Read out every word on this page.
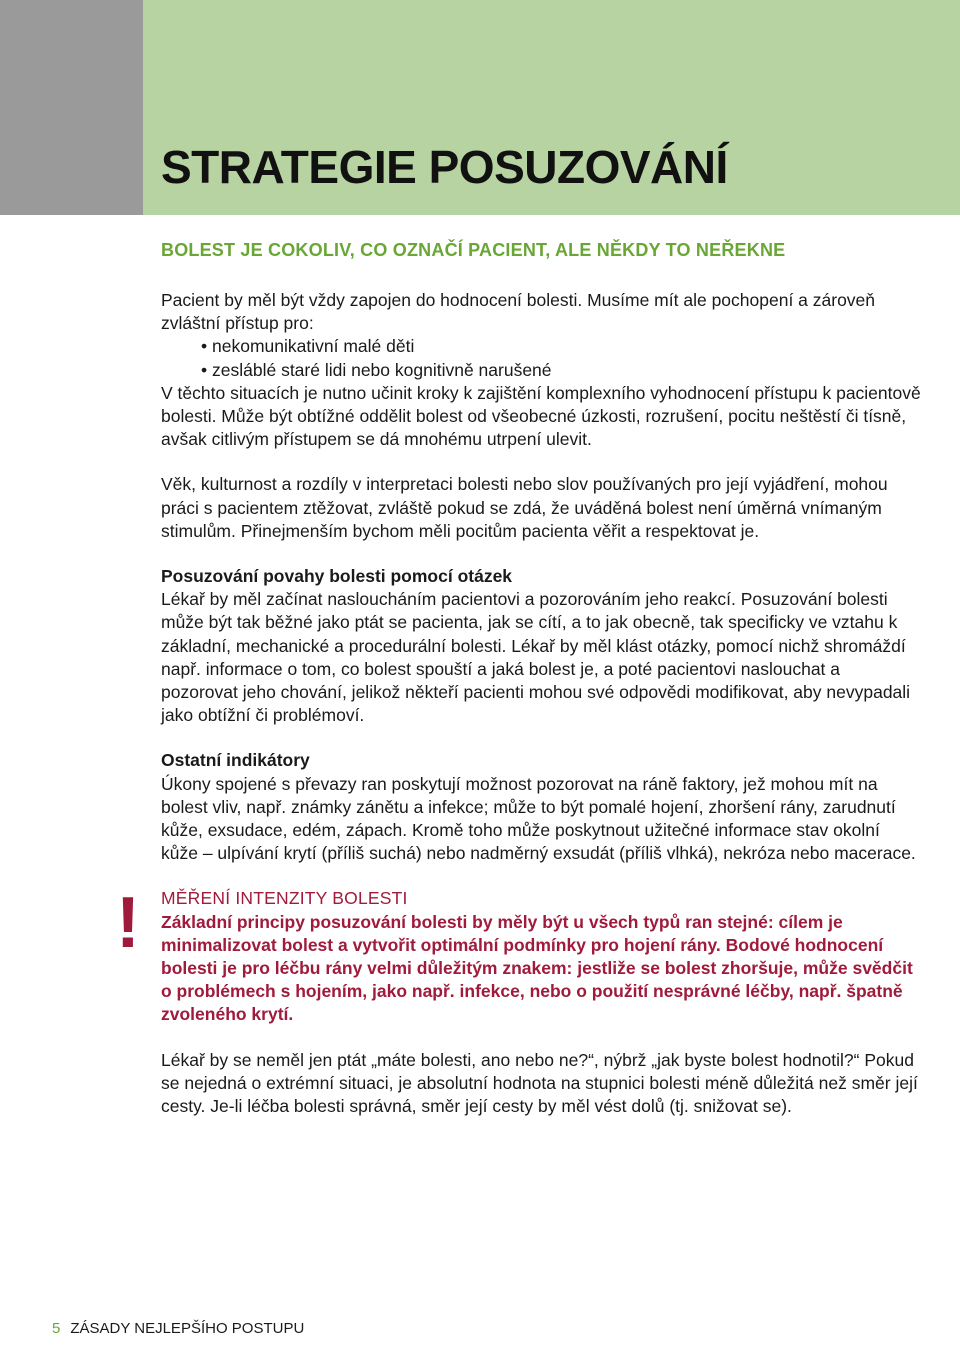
STRATEGIE POSUZOVÁNÍ
BOLEST JE COKOLIV, CO OZNAČÍ PACIENT, ALE NĚKDY TO NEŘEKNE

Pacient by měl být vždy zapojen do hodnocení bolesti. Musíme mít ale pochopení a zároveň zvláštní přístup pro:

• nekomunikativní malé děti
• zesláblé staré lidi nebo kognitivně narušené

V těchto situacích je nutno učinit kroky k zajištění komplexního vyhodnocení přístupu k pacientově bolesti. Může být obtížné oddělit bolest od všeobecné úzkosti, rozrušení, pocitu neštěstí či tísně, avšak citlivým přístupem se dá mnohému utrpení ulevit.

Věk, kulturnost a rozdíly v interpretaci bolesti nebo slov používaných pro její vyjádření, mohou práci s pacientem ztěžovat, zvláště pokud se zdá, že uváděná bolest není úměrná vnímaným stimulům. Přinejmenším bychom měli pocitům pacienta věřit a respektovat je.

Posuzování povahy bolesti pomocí otázek

Lékař by měl začínat nasloucháním pacientovi a pozorováním jeho reakcí. Posuzování bolesti může být tak běžné jako ptát se pacienta, jak se cítí, a to jak obecně, tak specificky ve vztahu k základní, mechanické a procedurální bolesti. Lékař by měl klást otázky, pomocí nichž shromáždí např. informace o tom, co bolest spouští a jaká bolest je, a poté pacientovi naslouchat a pozorovat jeho chování, jelikož někteří pacienti mohou své odpovědi modifikovat, aby nevypadali jako obtížní či problémoví.

Ostatní indikátory

Úkony spojené s převazy ran poskytují možnost pozorovat na ráně faktory, jež mohou mít na bolest vliv, např. známky zánětu a infekce; může to být pomalé hojení, zhoršení rány, zarudnutí kůže, exsudace, edém, zápach. Kromě toho může poskytnout užitečné informace stav okolní kůže – ulpívání krytí (příliš suchá) nebo nadměrný exsudát (příliš vlhká), nekróza nebo macerace.

! MĚŘENÍ INTENZITY BOLESTI

Základní principy posuzování bolesti by měly být u všech typů ran stejné: cílem je minimalizovat bolest a vytvořit optimální podmínky pro hojení rány. Bodové hodnocení bolesti je pro léčbu rány velmi důležitým znakem: jestliže se bolest zhoršuje, může svědčit o problémech s hojením, jako např. infekce, nebo o použití nesprávné léčby, např. špatně zvoleného krytí.

Lékař by se neměl jen ptát „máte bolesti, ano nebo ne?“, nýbrž „jak byste bolest hodnotil?“ Pokud se nejedná o extrémní situaci, je absolutní hodnota na stupnici bolesti méně důležitá než směr její cesty. Je-li léčba bolesti správná, směr její cesty by měl vést dolů (tj. snižovat se).

5 ZÁSADY NEJLEPŠÍHO POSTUPU
